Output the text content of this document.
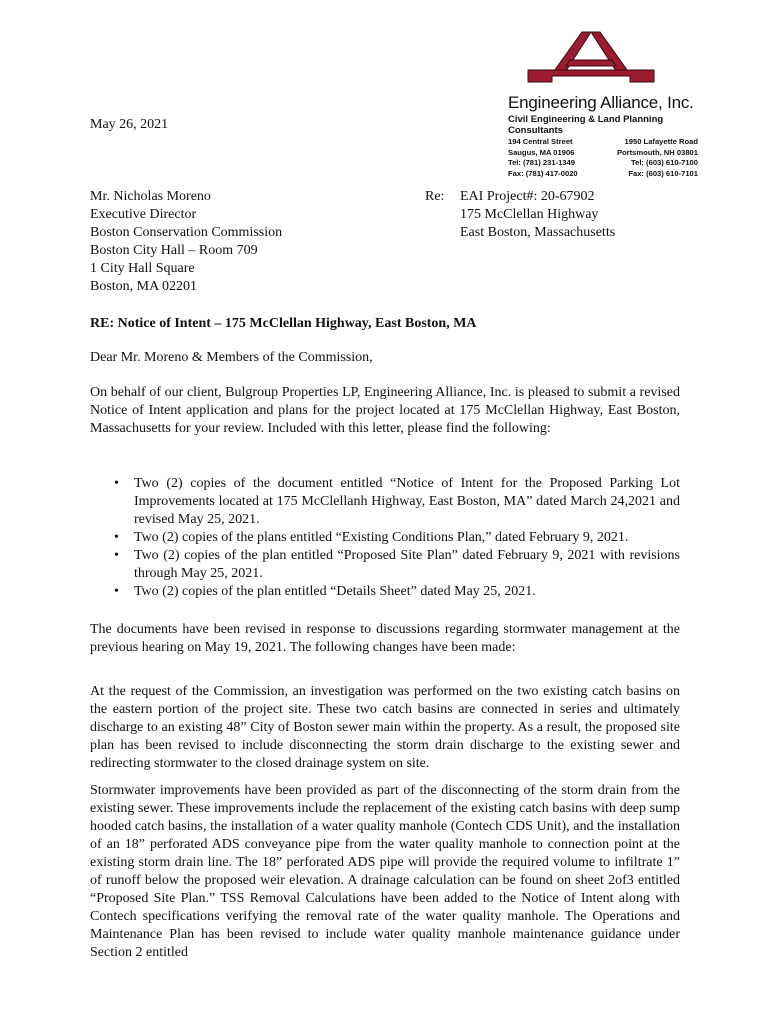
Engineering Alliance, Inc.
Civil Engineering & Land Planning Consultants
194 Central Street
Saugus, MA 01906
Tel: (781) 231-1349
Fax: (781) 417-0020
1950 Lafayette Road
Portsmouth, NH 03801
Tel: (603) 610-7100
Fax: (603) 610-7101
May 26, 2021
Mr. Nicholas Moreno
Executive Director
Boston Conservation Commission
Boston City Hall – Room 709
1 City Hall Square
Boston, MA 02201
Re:	EAI Project#: 20-67902
175 McClellan Highway
East Boston, Massachusetts
RE: Notice of Intent – 175 McClellan Highway, East Boston, MA
Dear Mr. Moreno & Members of the Commission,

On behalf of our client, Bulgroup Properties LP, Engineering Alliance, Inc. is pleased to submit a revised Notice of Intent application and plans for the project located at 175 McClellan Highway, East Boston, Massachusetts for your review. Included with this letter, please find the following:

• Two (2) copies of the document entitled “Notice of Intent for the Proposed Parking Lot Improvements located at 175 McClellanh Highway, East Boston, MA” dated March 24,2021 and revised May 25, 2021.
• Two (2) copies of the plans entitled “Existing Conditions Plan,” dated February 9, 2021.
• Two (2) copies of the plan entitled “Proposed Site Plan” dated February 9, 2021 with revisions through May 25, 2021.
• Two (2) copies of the plan entitled “Details Sheet” dated May 25, 2021.

The documents have been revised in response to discussions regarding stormwater management at the previous hearing on May 19, 2021. The following changes have been made:

At the request of the Commission, an investigation was performed on the two existing catch basins on the eastern portion of the project site. These two catch basins are connected in series and ultimately discharge to an existing 48” City of Boston sewer main within the property. As a result, the proposed site plan has been revised to include disconnecting the storm drain discharge to the existing sewer and redirecting stormwater to the closed drainage system on site.

Stormwater improvements have been provided as part of the disconnecting of the storm drain from the existing sewer. These improvements include the replacement of the existing catch basins with deep sump hooded catch basins, the installation of a water quality manhole (Contech CDS Unit), and the installation of an 18” perforated ADS conveyance pipe from the water quality manhole to connection point at the existing storm drain line. The 18” perforated ADS pipe will provide the required volume to infiltrate 1” of runoff below the proposed weir elevation. A drainage calculation can be found on sheet 2of3 entitled “Proposed Site Plan.” TSS Removal Calculations have been added to the Notice of Intent along with Contech specifications verifying the removal rate of the water quality manhole. The Operations and Maintenance Plan has been revised to include water quality manhole maintenance guidance under Section 2 entitled
